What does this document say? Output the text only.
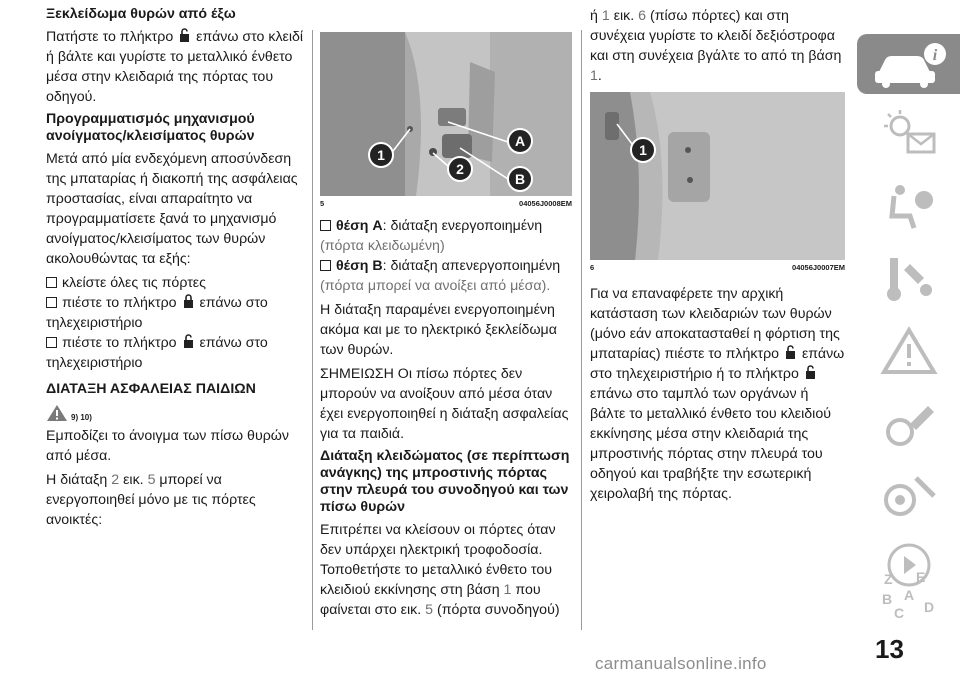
Ξεκλείδωμα θυρών από έξω

Πατήστε το πλήκτρο επάνω στο κλειδί ή βάλτε και γυρίστε το μεταλλικό ένθετο μέσα στην κλειδαριά της πόρτας του οδηγού.

Προγραμματισμός μηχανισμού ανοίγματος/κλεισίματος θυρών

Μετά από μία ενδεχόμενη αποσύνδεση της μπαταρίας ή διακοπή της ασφάλειας προστασίας, είναι απαραίτητο να προγραμματίσετε ξανά το μηχανισμό ανοίγματος/κλεισίματος των θυρών ακολουθώντας τα εξής:

κλείστε όλες τις πόρτες
πιέστε το πλήκτρο επάνω στο τηλεχειριστήριο
πιέστε το πλήκτρο επάνω στο τηλεχειριστήριο
ΔΙΑΤΑΞΗ ΑΣΦΑΛΕΙΑΣ ΠΑΙΔΙΩΝ
9) 10)

Εμποδίζει το άνοιγμα των πίσω θυρών από μέσα.

Η διάταξη 2 εικ. 5 μπορεί να ενεργοποιηθεί μόνο με τις πόρτες ανοικτές:

1
2
A
B
5	04056J0008EM
θέση A: διάταξη ενεργοποιημένη
(πόρτα κλειδωμένη)
θέση B: διάταξη απενεργοποιημένη
(πόρτα μπορεί να ανοίξει από μέσα).

Η διάταξη παραμένει ενεργοποιημένη ακόμα και με το ηλεκτρικό ξεκλείδωμα των θυρών.

ΣΗΜΕΙΩΣΗ Οι πίσω πόρτες δεν μπορούν να ανοίξουν από μέσα όταν έχει ενεργοποιηθεί η διάταξη ασφαλείας για τα παιδιά.

Διάταξη κλειδώματος (σε περίπτωση ανάγκης) της μπροστινής πόρτας στην πλευρά του συνοδηγού και των πίσω θυρών

Επιτρέπει να κλείσουν οι πόρτες όταν δεν υπάρχει ηλεκτρική τροφοδοσία. Τοποθετήστε το μεταλλικό ένθετο του κλειδιού εκκίνησης στη βάση 1 που φαίνεται στο εικ. 5 (πόρτα συνοδηγού)

ή 1 εικ. 6 (πίσω πόρτες) και στη συνέχεια γυρίστε το κλειδί δεξιόστροφα και στη συνέχεια βγάλτε το από τη βάση 1.

1
6	04056J0007EM

Για να επαναφέρετε την αρχική κατάσταση των κλειδαριών των θυρών (μόνο εάν αποκατασταθεί η φόρτιση της μπαταρίας) πιέστε το πλήκτρο επάνω στο τηλεχειριστήριο ή το πλήκτρο  επάνω στο ταμπλό των οργάνων ή βάλτε το μεταλλικό ένθετο του κλειδιού εκκίνησης μέσα στην κλειδαριά της μπροστινής πόρτας στην πλευρά του οδηγού και τραβήξτε την εσωτερική χειρολαβή της πόρτας.

i
Z E
B A
C D
13
carmanualsonline.info
